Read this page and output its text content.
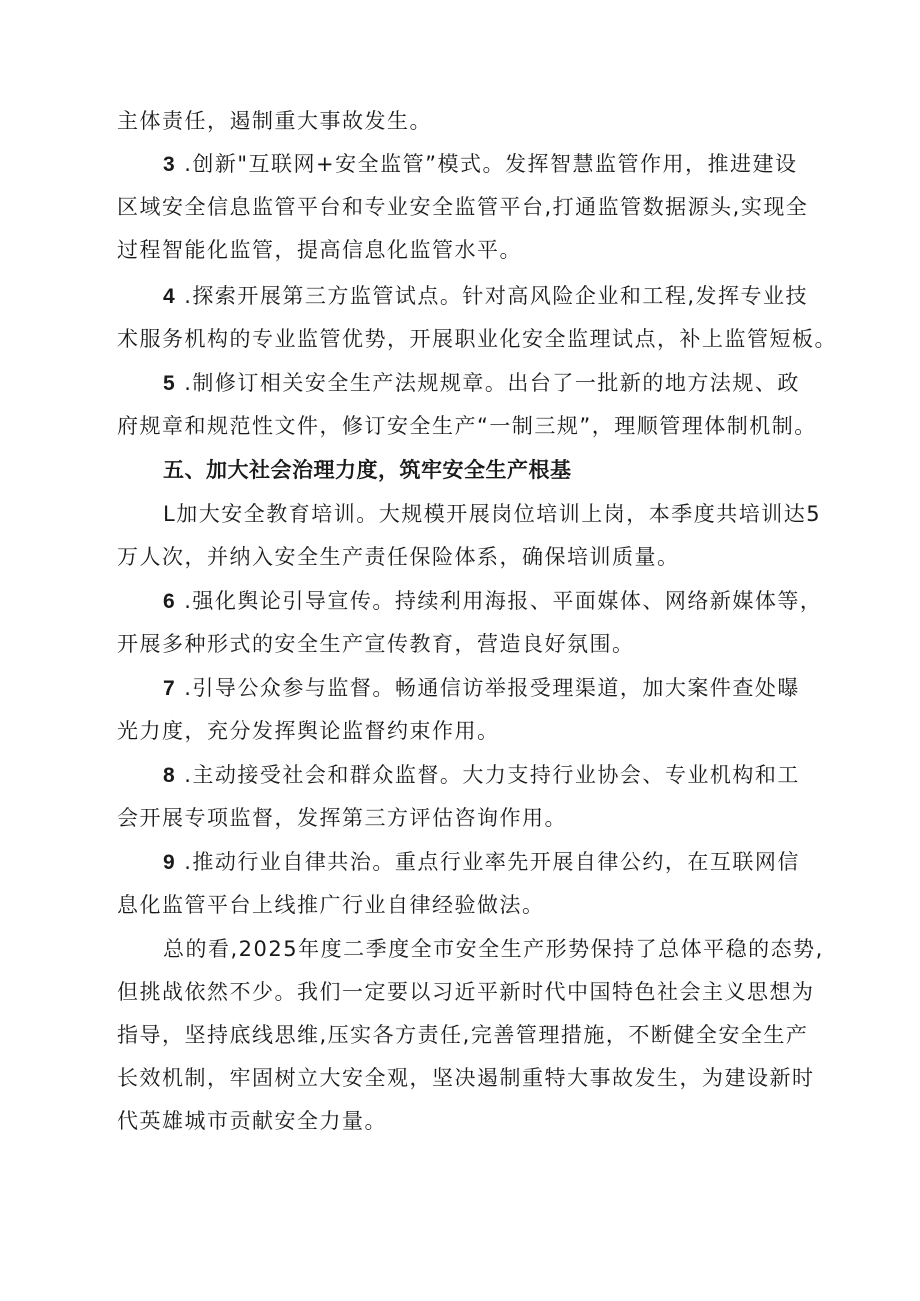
主体责任，遏制重大事故发生。

3 .创新"互联网+安全监管”模式。发挥智慧监管作用，推进建设
区域安全信息监管平台和专业安全监管平台,打通监管数据源头,实现全
过程智能化监管，提高信息化监管水平。

4 .探索开展第三方监管试点。针对高风险企业和工程,发挥专业技
术服务机构的专业监管优势，开展职业化安全监理试点，补上监管短板。

5 .制修订相关安全生产法规规章。出台了一批新的地方法规、政
府规章和规范性文件，修订安全生产“一制三规”，理顺管理体制机制。

五、加大社会治理力度，筑牢安全生产根基

L加大安全教育培训。大规模开展岗位培训上岗，本季度共培训达5
万人次，并纳入安全生产责任保险体系，确保培训质量。

6 .强化舆论引导宣传。持续利用海报、平面媒体、网络新媒体等，
开展多种形式的安全生产宣传教育，营造良好氛围。

7 .引导公众参与监督。畅通信访举报受理渠道，加大案件查处曝
光力度，充分发挥舆论监督约束作用。

8 .主动接受社会和群众监督。大力支持行业协会、专业机构和工
会开展专项监督，发挥第三方评估咨询作用。

9 .推动行业自律共治。重点行业率先开展自律公约，在互联网信
息化监管平台上线推广行业自律经验做法。

总的看,2025年度二季度全市安全生产形势保持了总体平稳的态势,
但挑战依然不少。我们一定要以习近平新时代中国特色社会主义思想为
指导，坚持底线思维,压实各方责任,完善管理措施，不断健全安全生产
长效机制，牢固树立大安全观，坚决遏制重特大事故发生，为建设新时
代英雄城市贡献安全力量。
